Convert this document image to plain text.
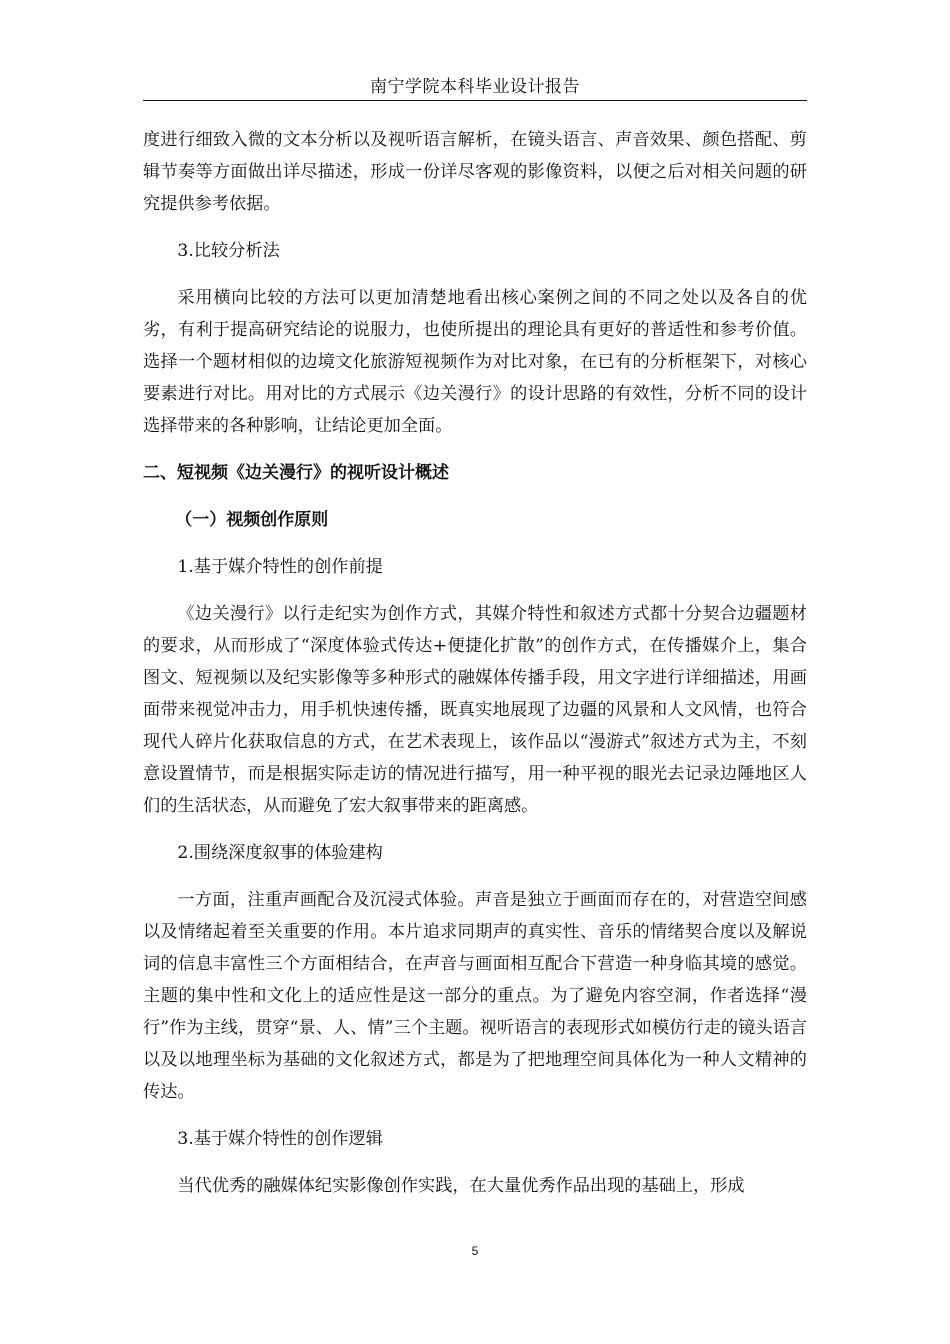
南宁学院本科毕业设计报告

度进行细致入微的文本分析以及视听语言解析，在镜头语言、声音效果、颜色搭配、剪辑节奏等方面做出详尽描述，形成一份详尽客观的影像资料，以便之后对相关问题的研究提供参考依据。

3.比较分析法

采用横向比较的方法可以更加清楚地看出核心案例之间的不同之处以及各自的优劣，有利于提高研究结论的说服力，也使所提出的理论具有更好的普适性和参考价值。选择一个题材相似的边境文化旅游短视频作为对比对象，在已有的分析框架下，对核心要素进行对比。用对比的方式展示《边关漫行》的设计思路的有效性，分析不同的设计选择带来的各种影响，让结论更加全面。

二、短视频《边关漫行》的视听设计概述

（一）视频创作原则

1.基于媒介特性的创作前提

《边关漫行》以行走纪实为创作方式，其媒介特性和叙述方式都十分契合边疆题材的要求，从而形成了“深度体验式传达+便捷化扩散”的创作方式，在传播媒介上，集合图文、短视频以及纪实影像等多种形式的融媒体传播手段，用文字进行详细描述，用画面带来视觉冲击力，用手机快速传播，既真实地展现了边疆的风景和人文风情，也符合现代人碎片化获取信息的方式，在艺术表现上，该作品以“漫游式”叙述方式为主，不刻意设置情节，而是根据实际走访的情况进行描写，用一种平视的眼光去记录边陲地区人们的生活状态，从而避免了宏大叙事带来的距离感。

2.围绕深度叙事的体验建构

一方面，注重声画配合及沉浸式体验。声音是独立于画面而存在的，对营造空间感以及情绪起着至关重要的作用。本片追求同期声的真实性、音乐的情绪契合度以及解说词的信息丰富性三个方面相结合，在声音与画面相互配合下营造一种身临其境的感觉。主题的集中性和文化上的适应性是这一部分的重点。为了避免内容空洞，作者选择“漫行”作为主线，贯穿“景、人、情”三个主题。视听语言的表现形式如模仿行走的镜头语言以及以地理坐标为基础的文化叙述方式，都是为了把地理空间具体化为一种人文精神的传达。

3.基于媒介特性的创作逻辑

当代优秀的融媒体纪实影像创作实践，在大量优秀作品出现的基础上，形成

5
